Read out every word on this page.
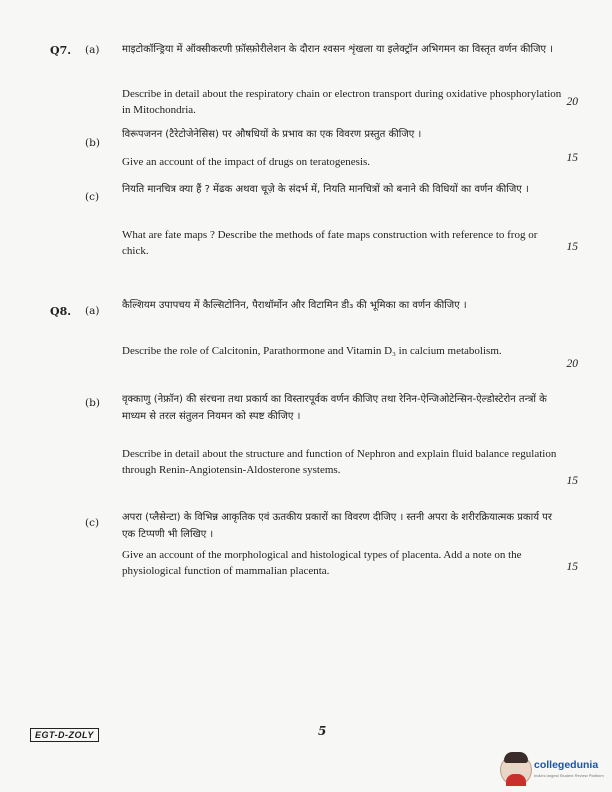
Q7. (a) माइटोकॉन्ड्रिया में ऑक्सीकरणी फ़ॉस्फ़ोरीलेशन के दौरान श्वसन शृंखला या इलेक्ट्रॉन अभिगमन का विस्तृत वर्णन कीजिए ।
Describe in detail about the respiratory chain or electron transport during oxidative phosphorylation in Mitochondria.
20
(b)
विरूपजनन (टैरेटोजेनेसिस) पर औषधियों के प्रभाव का एक विवरण प्रस्तुत कीजिए ।
Give an account of the impact of drugs on teratogenesis.	15
(c)
नियति मानचित्र क्या हैं ? मेंढक अथवा चूज़े के संदर्भ में, नियति मानचित्रों को बनाने की विधियों का वर्णन कीजिए ।
What are fate maps ? Describe the methods of fate maps construction with reference to frog or chick.	15
Q8. (a) कैल्शियम उपापचय में कैल्सिटोनिन, पैराथॉर्मोन और विटामिन डी₃ की भूमिका का वर्णन कीजिए ।
Describe the role of Calcitonin, Parathormone and Vitamin D₃ in calcium metabolism.
20
(b) वृक्काणु (नेफ्रॉन) की संरचना तथा प्रकार्य का विस्तारपूर्वक वर्णन कीजिए तथा रेनिन-ऐन्जिओटेन्सिन-ऐल्डोस्टेरोन तन्त्रों के माध्यम से तरल संतुलन नियमन को स्पष्ट कीजिए ।
Describe in detail about the structure and function of Nephron and explain fluid balance regulation through Renin-Angiotensin-Aldosterone systems.
15
(c) अपरा (प्लैसेन्टा) के विभिन्न आकृतिक एवं ऊतकीय प्रकारों का विवरण दीजिए । स्तनी अपरा के शरीरक्रियात्मक प्रकार्य पर एक टिप्पणी भी लिखिए ।
Give an account of the morphological and histological types of placenta. Add a note on the physiological function of mammalian placenta.	15
EGT-D-ZOLY	5
collegedunia
India's largest Student Review Platform
